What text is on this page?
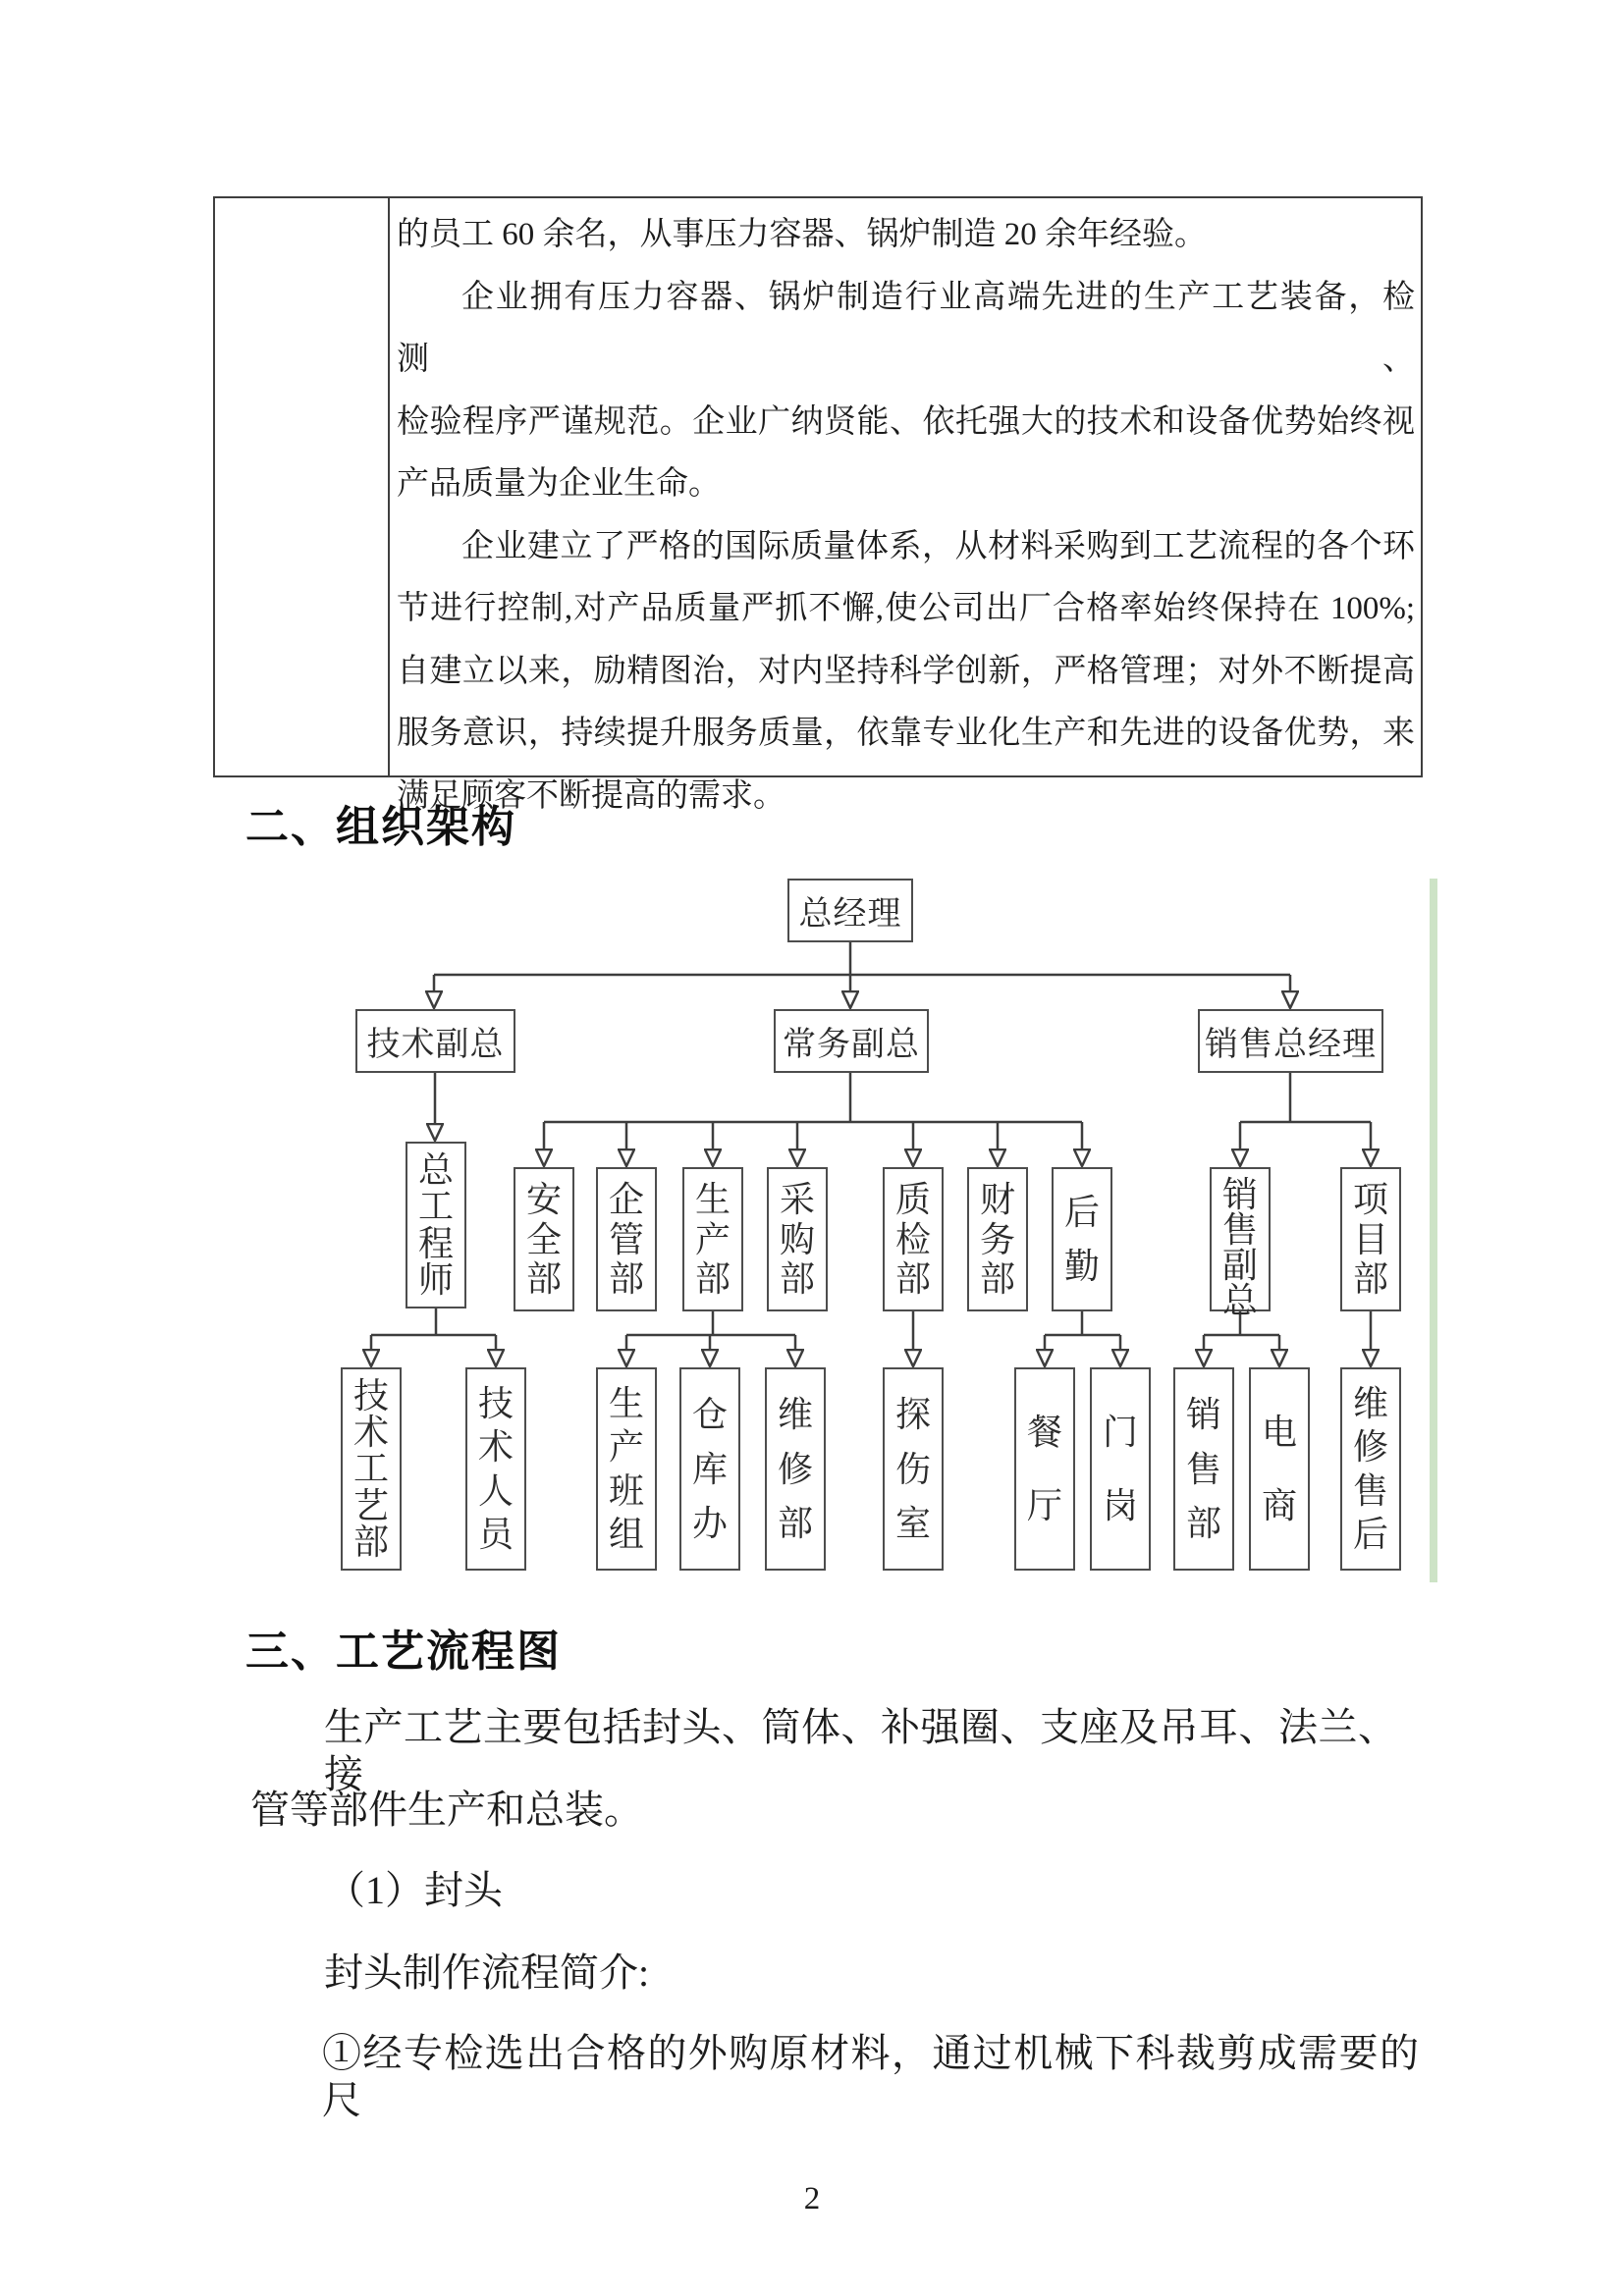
的员工 60 余名，从事压力容器、锅炉制造 20 余年经验。
企业拥有压力容器、锅炉制造行业高端先进的生产工艺装备，检测、
检验程序严谨规范。企业广纳贤能、依托强大的技术和设备优势始终视
产品质量为企业生命。
企业建立了严格的国际质量体系，从材料采购到工艺流程的各个环
节进行控制,对产品质量严抓不懈,使公司出厂合格率始终保持在 100%;
自建立以来，励精图治，对内坚持科学创新，严格管理；对外不断提高
服务意识，持续提升服务质量，依靠专业化生产和先进的设备优势，来
满足顾客不断提高的需求。
二、组织架构
总经理
技术副总	常务副总	销售总经理
总
工
程
师
安
全
部
企
管
部
生
产
部
采
购
部
质
检
部
财
务
部
后
勤
销
售
副
总
项
目
部
技
术
工
艺
部
技
术
人
员
生
产
班
组
仓
库
办
维
修
部
探
伤
室
餐
厅
门
岗
销
售
部
电
商
维
修
售
后
三、工艺流程图
生产工艺主要包括封头、筒体、补强圈、支座及吊耳、法兰、接
管等部件生产和总装。
（1）封头
封头制作流程简介:
①经专检选出合格的外购原材料，通过机械下科裁剪成需要的尺
2
